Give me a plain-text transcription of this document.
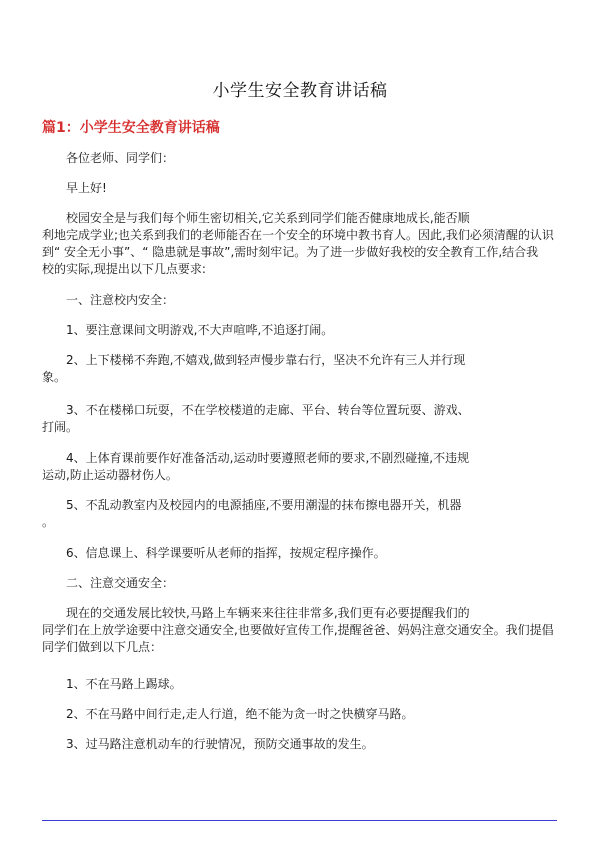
小学生安全教育讲话稿
篇1：小学生安全教育讲话稿
各位老师、同学们：
早上好!
校园安全是与我们每个师生密切相关,它关系到同学们能否健康地成长,能否顺
利地完成学业;也关系到我们的老师能否在一个安全的环境中教书育人。因此,我们必须清醒的认识
到“ 安全无小事”、“ 隐患就是事故”,需时刻牢记。为了进一步做好我校的安全教育工作,结合我
校的实际,现提出以下几点要求:
一、注意校内安全：
1、要注意课间文明游戏,不大声喧哗,不追逐打闹。
2、上下楼梯不奔跑,不嬉戏,做到轻声慢步靠右行，坚决不允许有三人并行现
象。
3、不在楼梯口玩耍，不在学校楼道的走廊、平台、转台等位置玩耍、游戏、
打闹。
4、上体育课前要作好准备活动,运动时要遵照老师的要求,不剧烈碰撞,不违规
运动,防止运动器材伤人。
5、不乱动教室内及校园内的电源插座,不要用潮湿的抹布擦电器开关，机器
。
6、信息课上、科学课要听从老师的指挥，按规定程序操作。
二、注意交通安全：
现在的交通发展比较快,马路上车辆来来往往非常多,我们更有必要提醒我们的
同学们在上放学途要中注意交通安全,也要做好宣传工作,提醒爸爸、妈妈注意交通安全。我们提倡
同学们做到以下几点：
1、不在马路上踢球。
2、不在马路中间行走,走人行道，绝不能为贪一时之快横穿马路。
3、过马路注意机动车的行驶情况，预防交通事故的发生。
